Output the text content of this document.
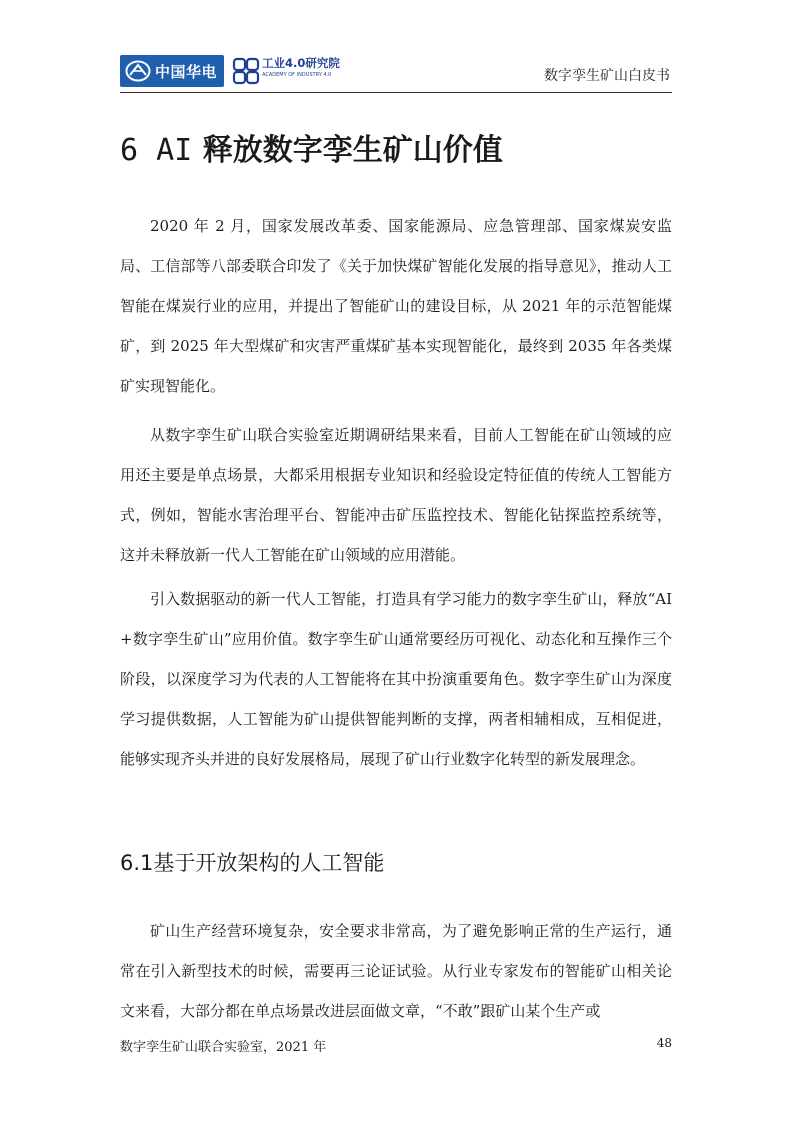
中国华电	工业4.0研究院
ACADEMY OF INDUSTRY 4.0	数字孪生矿山白皮书
6 AI 释放数字孪生矿山价值

2020 年 2 月，国家发展改革委、国家能源局、应急管理部、国家煤炭安监局、工信部等八部委联合印发了《关于加快煤矿智能化发展的指导意见》，推动人工智能在煤炭行业的应用，并提出了智能矿山的建设目标，从 2021 年的示范智能煤矿，到 2025 年大型煤矿和灾害严重煤矿基本实现智能化，最终到 2035 年各类煤矿实现智能化。

从数字孪生矿山联合实验室近期调研结果来看，目前人工智能在矿山领域的应用还主要是单点场景，大都采用根据专业知识和经验设定特征值的传统人工智能方式，例如，智能水害治理平台、智能冲击矿压监控技术、智能化钻探监控系统等，这并未释放新一代人工智能在矿山领域的应用潜能。

引入数据驱动的新一代人工智能，打造具有学习能力的数字孪生矿山，释放“AI+数字孪生矿山”应用价值。数字孪生矿山通常要经历可视化、动态化和互操作三个阶段，以深度学习为代表的人工智能将在其中扮演重要角色。数字孪生矿山为深度学习提供数据，人工智能为矿山提供智能判断的支撑，两者相辅相成，互相促进，能够实现齐头并进的良好发展格局，展现了矿山行业数字化转型的新发展理念。

6.1基于开放架构的人工智能

矿山生产经营环境复杂，安全要求非常高，为了避免影响正常的生产运行，通常在引入新型技术的时候，需要再三论证试验。从行业专家发布的智能矿山相关论文来看，大部分都在单点场景改进层面做文章，“不敢”跟矿山某个生产或

数字孪生矿山联合实验室，2021 年	48
